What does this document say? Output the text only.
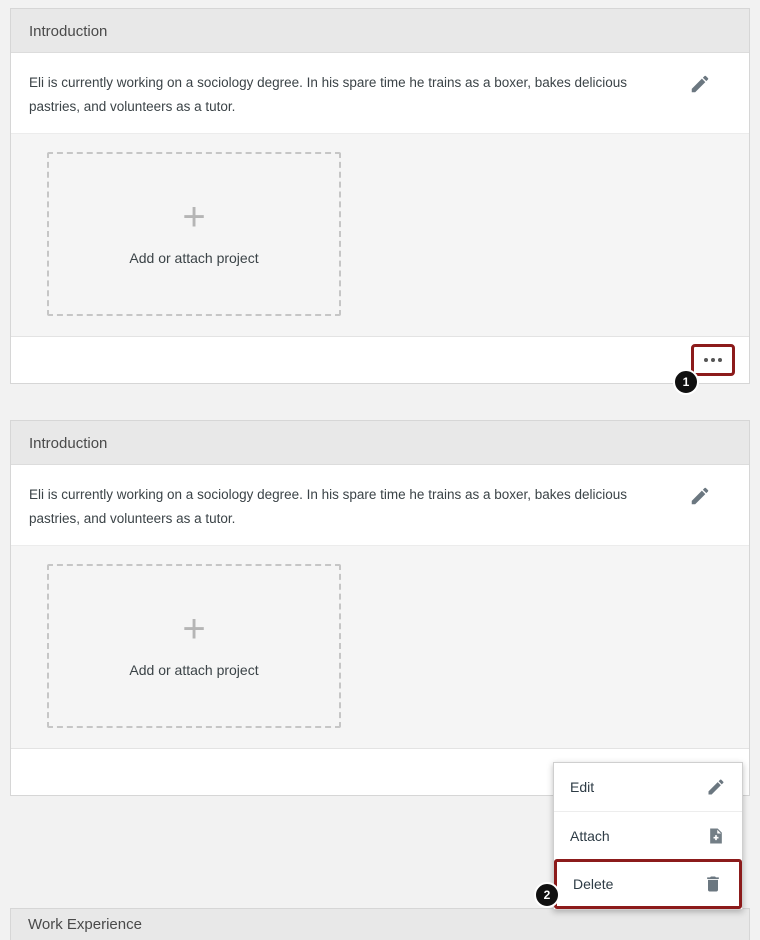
Introduction
Eli is currently working on a sociology degree. In his spare time he trains as a boxer, bakes delicious pastries, and volunteers as a tutor.
+
Add or attach project
1
Introduction
Eli is currently working on a sociology degree. In his spare time he trains as a boxer, bakes delicious pastries, and volunteers as a tutor.
+
Add or attach project
Edit
Attach
Delete
2
Work Experience
